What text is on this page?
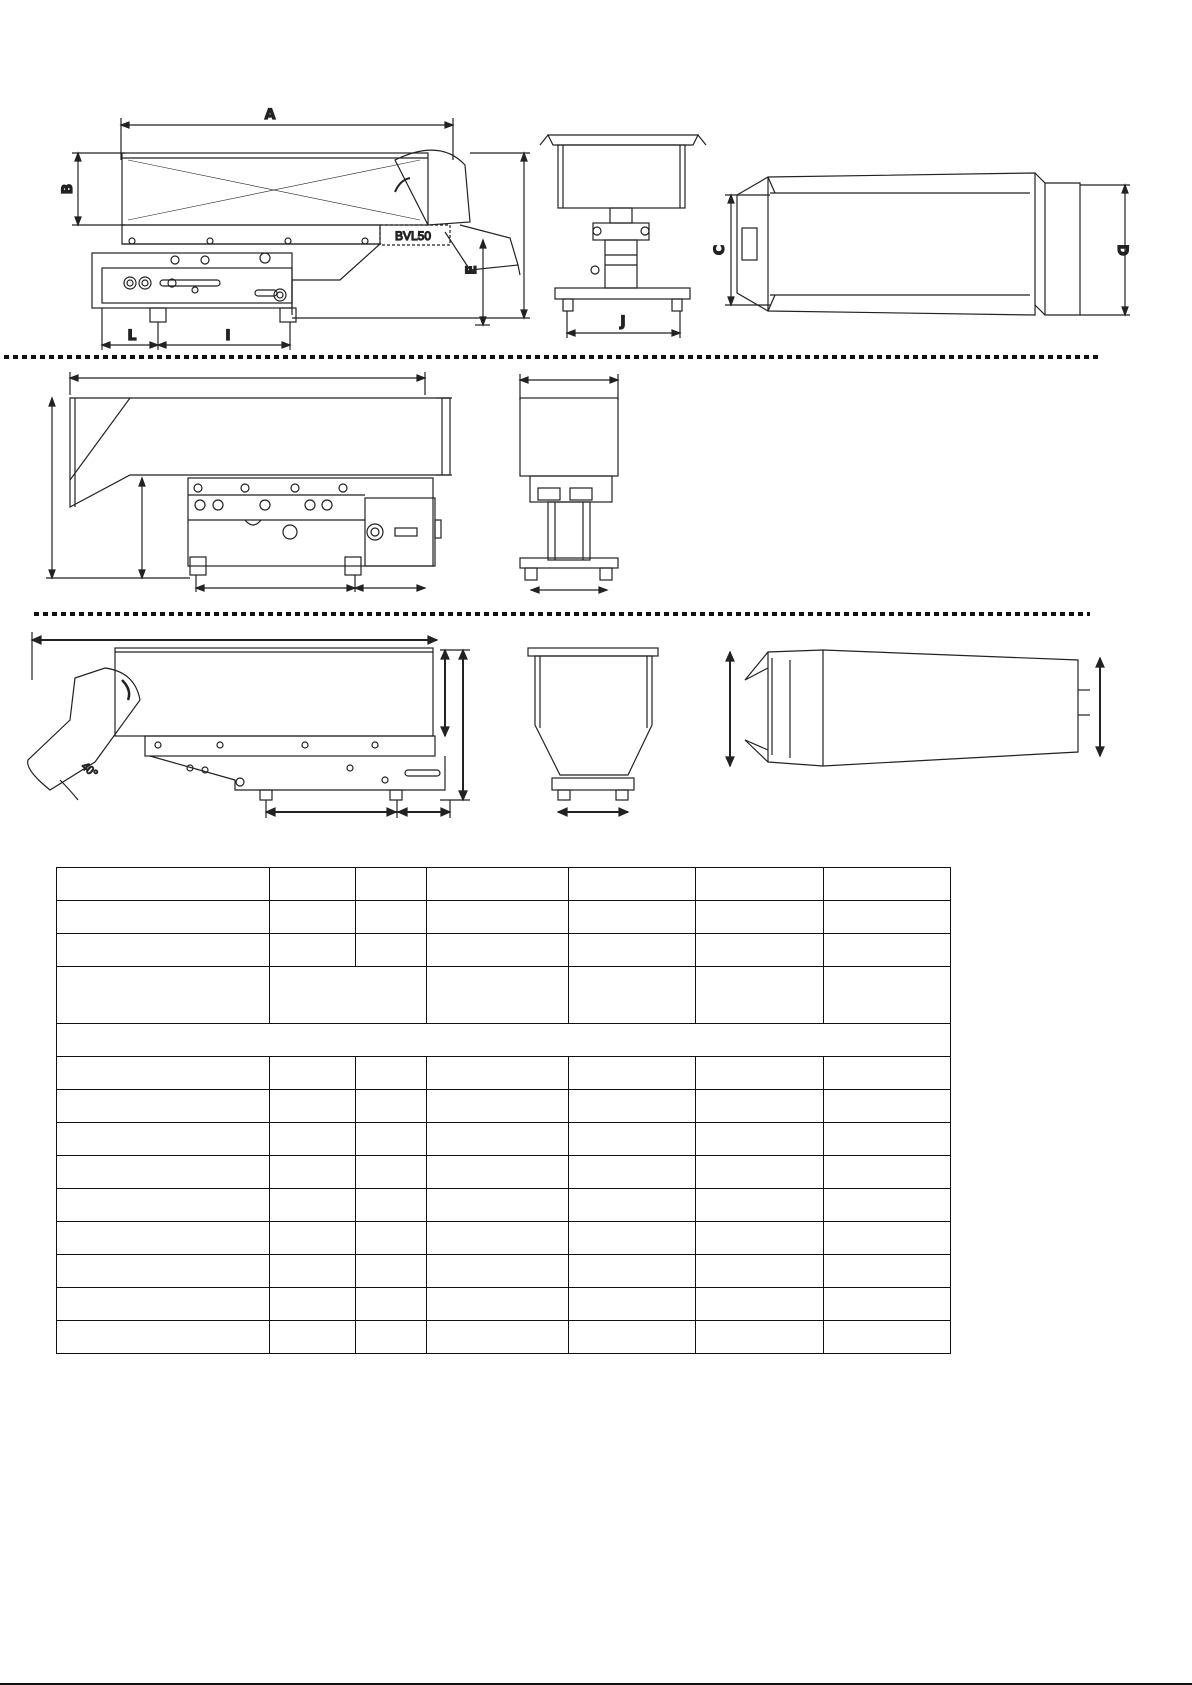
A
B
BVL50
E
L	I
J
C	D
40°
